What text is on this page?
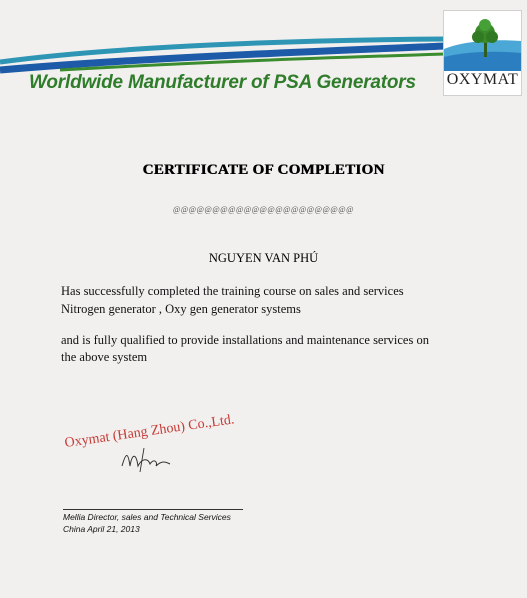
Worldwide Manufacturer of PSA Generators OXYMAT
CERTIFICATE OF COMPLETION
@@@@@@@@@@@@@@@@@@@@@@@
NGUYEN VAN PHÚ
Has successfully completed the training course on sales and services
Nitrogen generator , Oxy gen generator systems
and is fully qualified to provide installations and maintenance services on
the above system
Oxymat (Hang Zhou) Co.,Ltd.
Mellia Director, sales and Technical Services
China April 21, 2013
